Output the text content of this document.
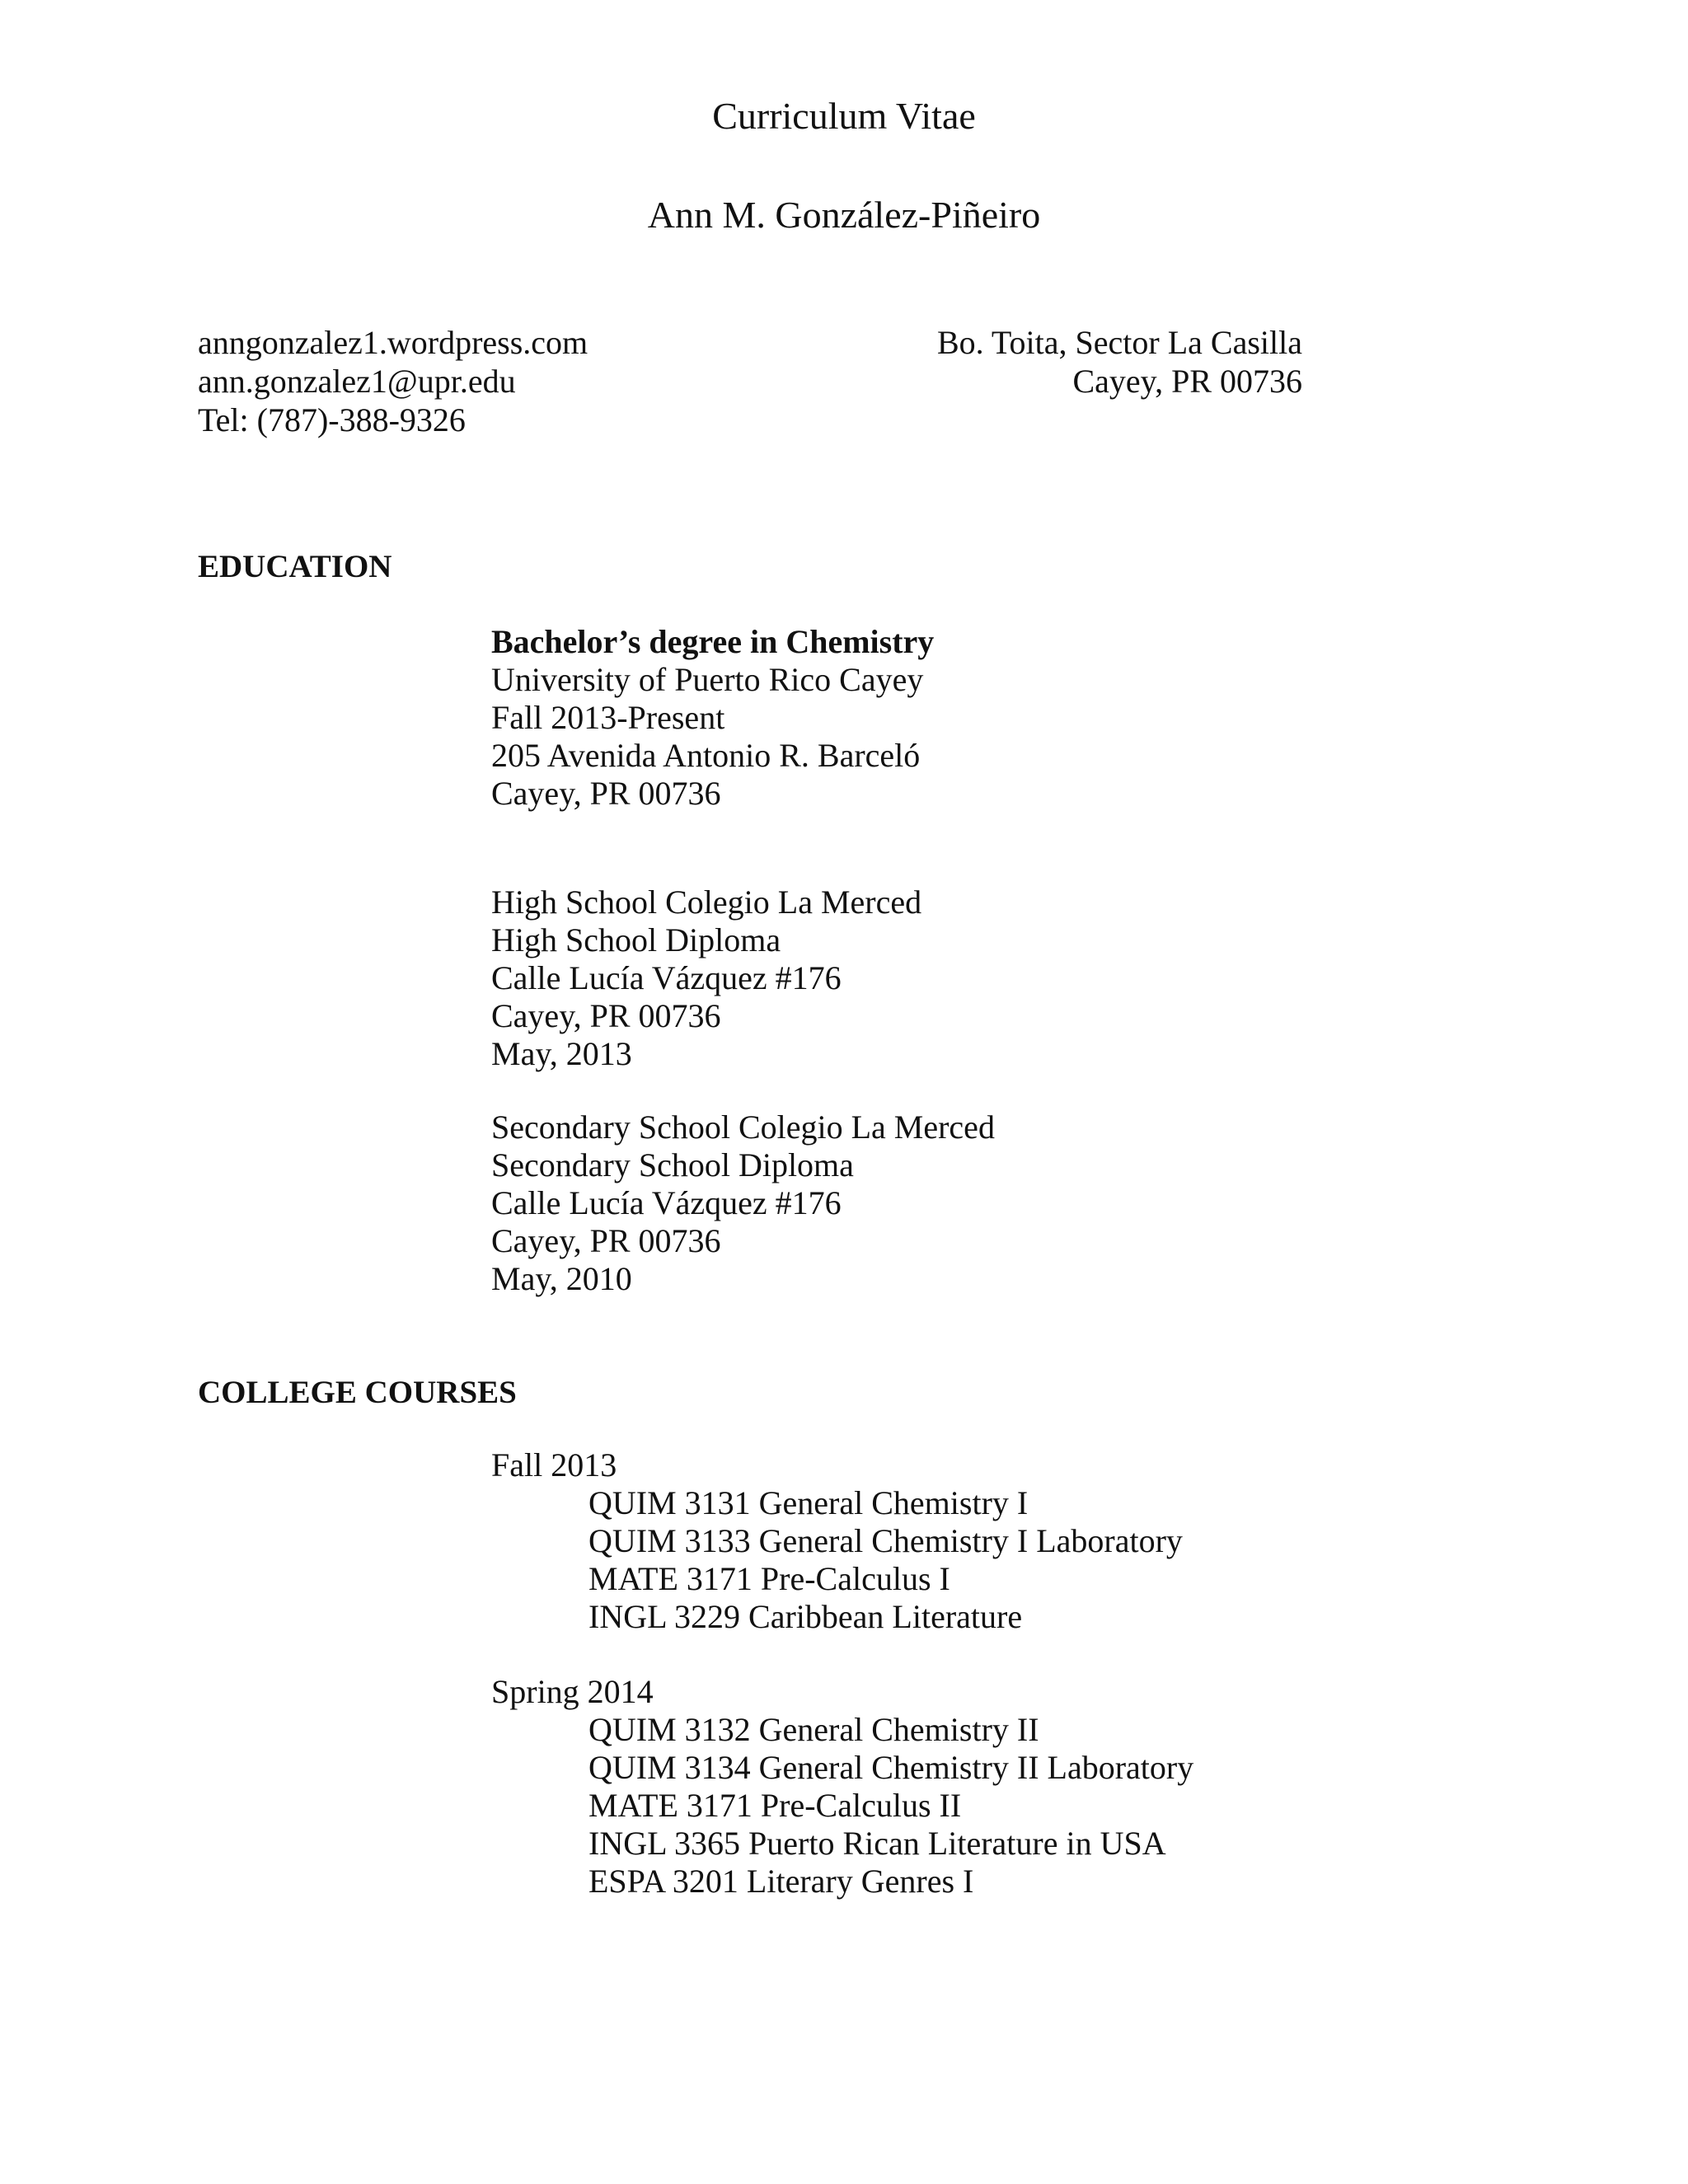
Curriculum Vitae
Ann M. González-Piñeiro
anngonzalez1.wordpress.com
ann.gonzalez1@upr.edu
Tel: (787)-388-9326
Bo. Toita, Sector La Casilla
Cayey, PR 00736
EDUCATION
Bachelor’s degree in Chemistry
University of Puerto Rico Cayey
Fall 2013-Present
205 Avenida Antonio R. Barceló
Cayey, PR 00736
High School Colegio La Merced
High School Diploma
Calle Lucía Vázquez #176
Cayey, PR 00736
May, 2013
Secondary School Colegio La Merced
Secondary School Diploma
Calle Lucía Vázquez #176
Cayey, PR 00736
May, 2010
COLLEGE COURSES
Fall 2013
QUIM 3131 General Chemistry I
QUIM 3133 General Chemistry I Laboratory
MATE 3171 Pre-Calculus I
INGL 3229 Caribbean Literature
Spring 2014
QUIM 3132 General Chemistry II
QUIM 3134 General Chemistry II Laboratory
MATE 3171 Pre-Calculus II
INGL 3365 Puerto Rican Literature in USA
ESPA 3201 Literary Genres I
